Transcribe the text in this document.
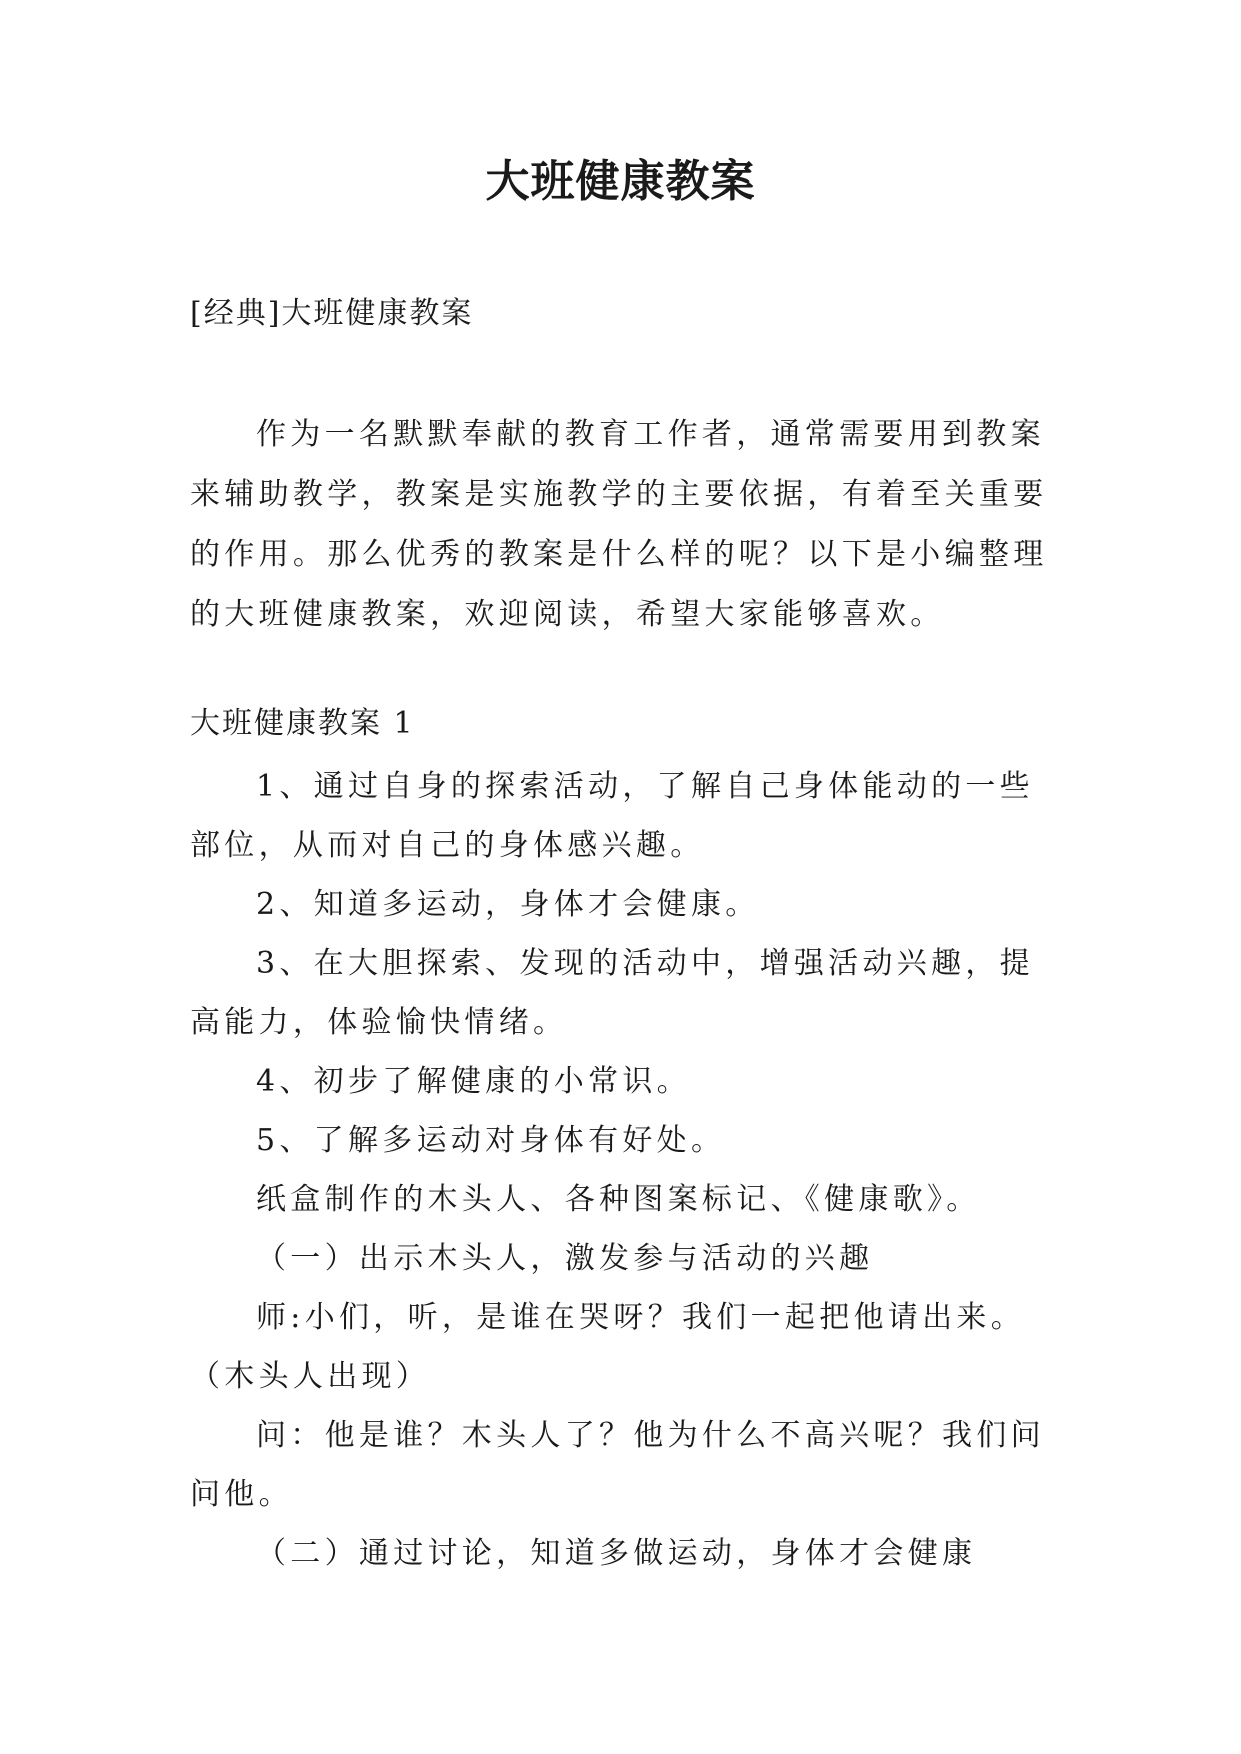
大班健康教案
[经典]大班健康教案
作为一名默默奉献的教育工作者，通常需要用到教案来辅助教学，教案是实施教学的主要依据，有着至关重要的作用。那么优秀的教案是什么样的呢？以下是小编整理的大班健康教案，欢迎阅读，希望大家能够喜欢。
大班健康教案 1

1、通过自身的探索活动，了解自己身体能动的一些部位，从而对自己的身体感兴趣。

2、知道多运动，身体才会健康。

3、在大胆探索、发现的活动中，增强活动兴趣，提高能力，体验愉快情绪。

4、初步了解健康的小常识。

5、了解多运动对身体有好处。

纸盒制作的木头人、各种图案标记、《健康歌》。

（一）出示木头人，激发参与活动的兴趣

师:小们，听，是谁在哭呀？我们一起把他请出来。（木头人出现）

问：他是谁？木头人了？他为什么不高兴呢？我们问问他。

（二）通过讨论，知道多做运动，身体才会健康
